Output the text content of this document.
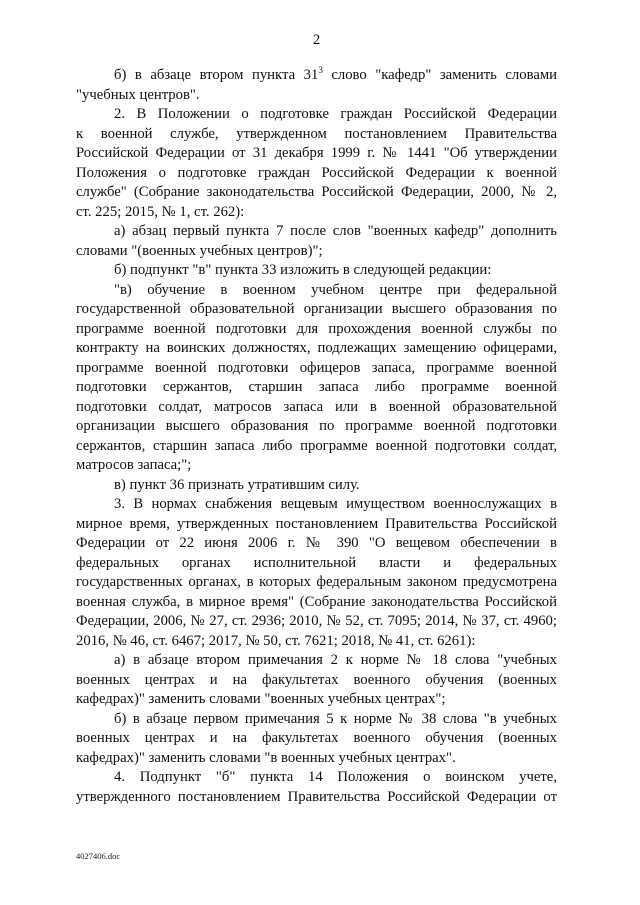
2
б) в абзаце втором пункта $31^3$ слово "кафедр" заменить словами
"учебных центров".
2. В Положении о подготовке граждан Российской Федерации
к военной службе, утвержденном постановлением Правительства
Российской Федерации от 31 декабря 1999 г. № 1441 "Об утверждении
Положения о подготовке граждан Российской Федерации к военной
службе" (Собрание законодательства Российской Федерации, 2000, № 2,
ст. 225; 2015, № 1, ст. 262):
а) абзац первый пункта 7 после слов "военных кафедр" дополнить
словами "(военных учебных центров)";
б) подпункт "в" пункта 33 изложить в следующей редакции:
"в) обучение в военном учебном центре при федеральной
государственной образовательной организации высшего образования по
программе военной подготовки для прохождения военной службы по
контракту на воинских должностях, подлежащих замещению офицерами,
программе военной подготовки офицеров запаса, программе военной
подготовки сержантов, старшин запаса либо программе военной
подготовки солдат, матросов запаса или в военной образовательной
организации высшего образования по программе военной подготовки
сержантов, старшин запаса либо программе военной подготовки солдат,
матросов запаса;";
в) пункт 36 признать утратившим силу.
3. В нормах снабжения вещевым имуществом военнослужащих в
мирное время, утвержденных постановлением Правительства Российской
Федерации от 22 июня 2006 г. № 390 "О вещевом обеспечении в
федеральных органах исполнительной власти и федеральных
государственных органах, в которых федеральным законом предусмотрена
военная служба, в мирное время" (Собрание законодательства Российской
Федерации, 2006, № 27, ст. 2936; 2010, № 52, ст. 7095; 2014, № 37, ст. 4960;
2016, № 46, ст. 6467; 2017, № 50, ст. 7621; 2018, № 41, ст. 6261):
а) в абзаце втором примечания 2 к норме № 18 слова "учебных
военных центрах и на факультетах военного обучения (военных
кафедрах)" заменить словами "военных учебных центрах";
б) в абзаце первом примечания 5 к норме № 38 слова "в учебных
военных центрах и на факультетах военного обучения (военных
кафедрах)" заменить словами "в военных учебных центрах".
4. Подпункт "б" пункта 14 Положения о воинском учете,
утвержденного постановлением Правительства Российской Федерации от
4027406.doc
